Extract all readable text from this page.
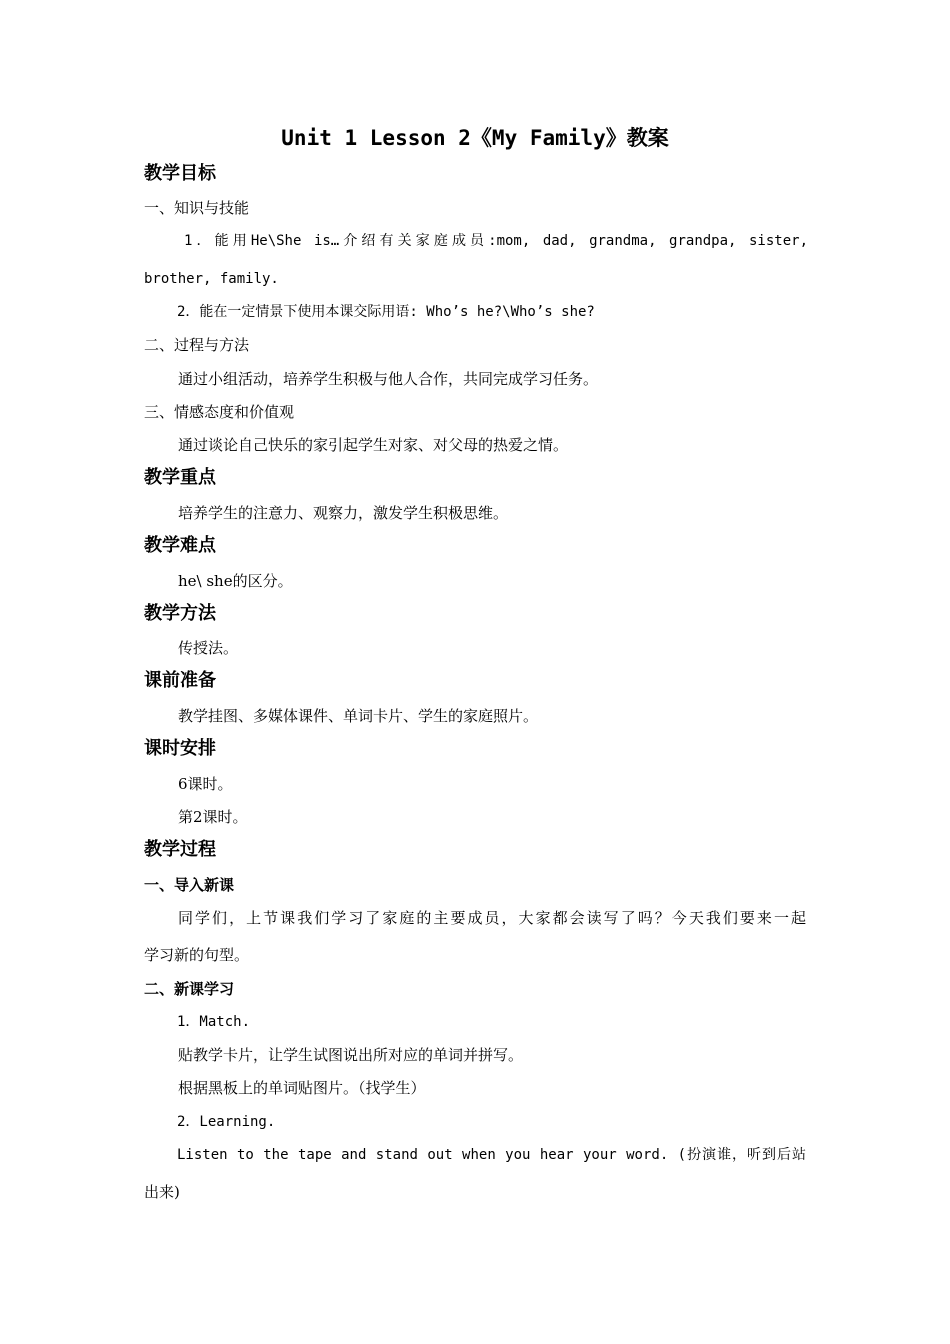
Unit 1 Lesson 2《My Family》教案
教学目标
一、知识与技能
1．能用He\She is…介绍有关家庭成员:mom, dad, grandma, grandpa, sister,
brother, family.
2．能在一定情景下使用本课交际用语: Who’s he?\Who’s she?
二、过程与方法
通过小组活动，培养学生积极与他人合作，共同完成学习任务。
三、情感态度和价值观
通过谈论自己快乐的家引起学生对家、对父母的热爱之情。
教学重点
培养学生的注意力、观察力，激发学生积极思维。
教学难点
he\ she的区分。
教学方法
传授法。
课前准备
教学挂图、多媒体课件、单词卡片、学生的家庭照片。
课时安排
6课时。
第2课时。
教学过程
一、导入新课
同学们，上节课我们学习了家庭的主要成员，大家都会读写了吗？今天我们要来一起
学习新的句型。
二、新课学习
1．Match.
贴教学卡片，让学生试图说出所对应的单词并拼写。
根据黑板上的单词贴图片。（找学生）
2．Learning.
Listen to the tape and stand out when you hear your word. (扮演谁，听到后站
出来)
